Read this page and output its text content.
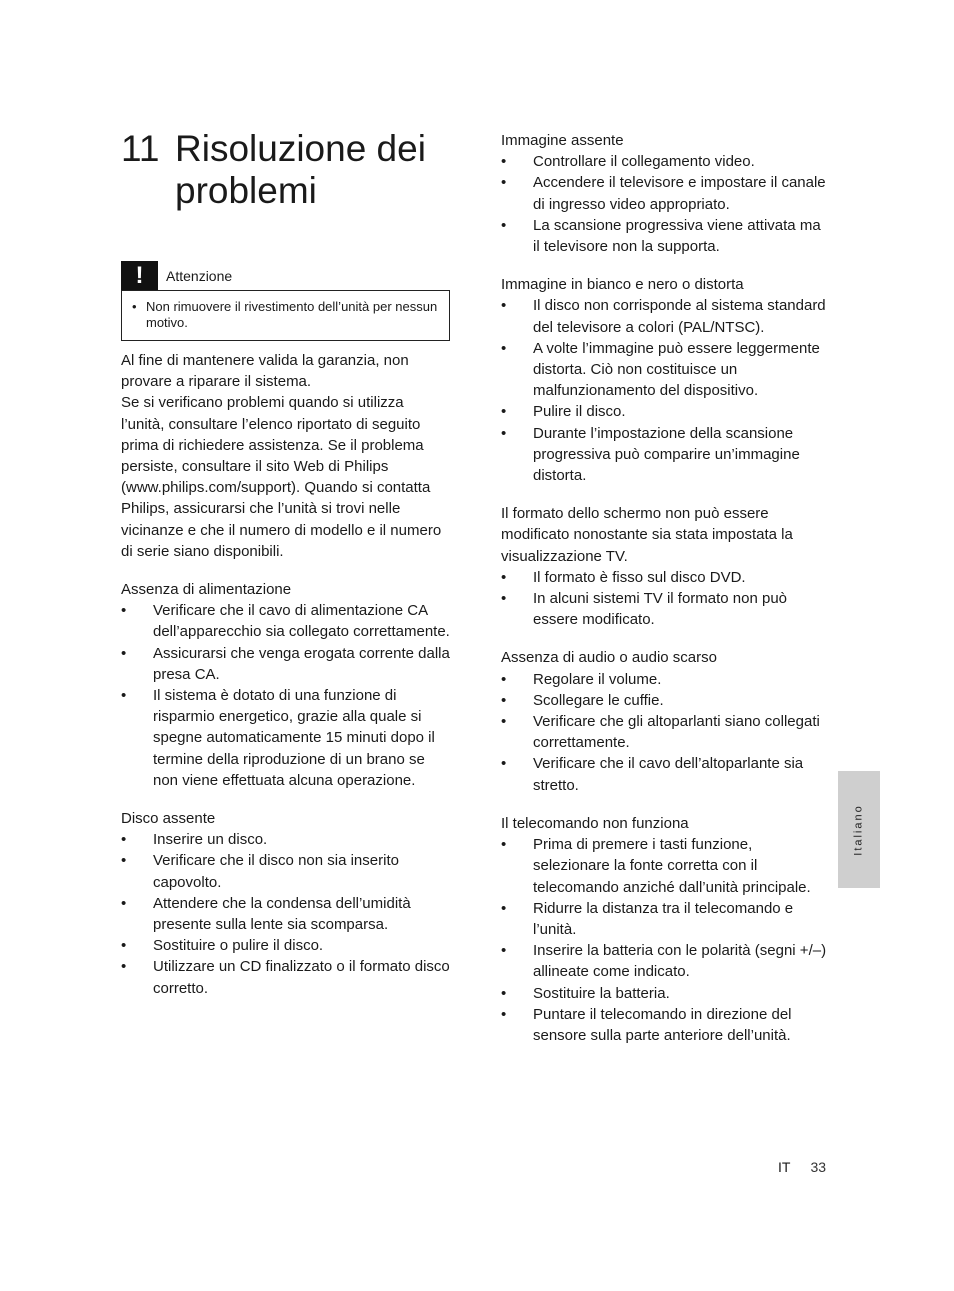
11 Risoluzione dei problemi
!	Attenzione
• Non rimuovere il rivestimento dell’unità per nessun motivo.

Al fine di mantenere valida la garanzia, non provare a riparare il sistema.

Se si verificano problemi quando si utilizza l’unità, consultare l’elenco riportato di seguito prima di richiedere assistenza. Se il problema persiste, consultare il sito Web di Philips (www.philips.com/support). Quando si contatta Philips, assicurarsi che l’unità si trovi nelle vicinanze e che il numero di modello e il numero di serie siano disponibili.

Assenza di alimentazione

•	Verificare che il cavo di alimentazione CA dell’apparecchio sia collegato correttamente.
•	Assicurarsi che venga erogata corrente dalla presa CA.
•	Il sistema è dotato di una funzione di risparmio energetico, grazie alla quale si spegne automaticamente 15 minuti dopo il termine della riproduzione di un brano se non viene effettuata alcuna operazione.

Disco assente

•	Inserire un disco.
•	Verificare che il disco non sia inserito capovolto.
•	Attendere che la condensa dell’umidità presente sulla lente sia scomparsa.
•	Sostituire o pulire il disco.
•	Utilizzare un CD finalizzato o il formato disco corretto.

Immagine assente

•	Controllare il collegamento video.
•	Accendere il televisore e impostare il canale di ingresso video appropriato.
•	La scansione progressiva viene attivata ma il televisore non la supporta.

Immagine in bianco e nero o distorta

•	Il disco non corrisponde al sistema standard del televisore a colori (PAL/NTSC).
•	A volte l’immagine può essere leggermente distorta. Ciò non costituisce un malfunzionamento del dispositivo.
•	Pulire il disco.
•	Durante l’impostazione della scansione progressiva può comparire un’immagine distorta.

Il formato dello schermo non può essere modificato nonostante sia stata impostata la visualizzazione TV.

•	Il formato è fisso sul disco DVD.
•	In alcuni sistemi TV il formato non può essere modificato.

Assenza di audio o audio scarso

•	Regolare il volume.
•	Scollegare le cuffie.
•	Verificare che gli altoparlanti siano collegati correttamente.
•	Verificare che il cavo dell’altoparlante sia stretto.

Il telecomando non funziona

•	Prima di premere i tasti funzione, selezionare la fonte corretta con il telecomando anziché dall’unità principale.
•	Ridurre la distanza tra il telecomando e l’unità.
•	Inserire la batteria con le polarità (segni +/–) allineate come indicato.
•	Sostituire la batteria.
•	Puntare il telecomando in direzione del sensore sulla parte anteriore dell’unità.
Italiano
IT 33
